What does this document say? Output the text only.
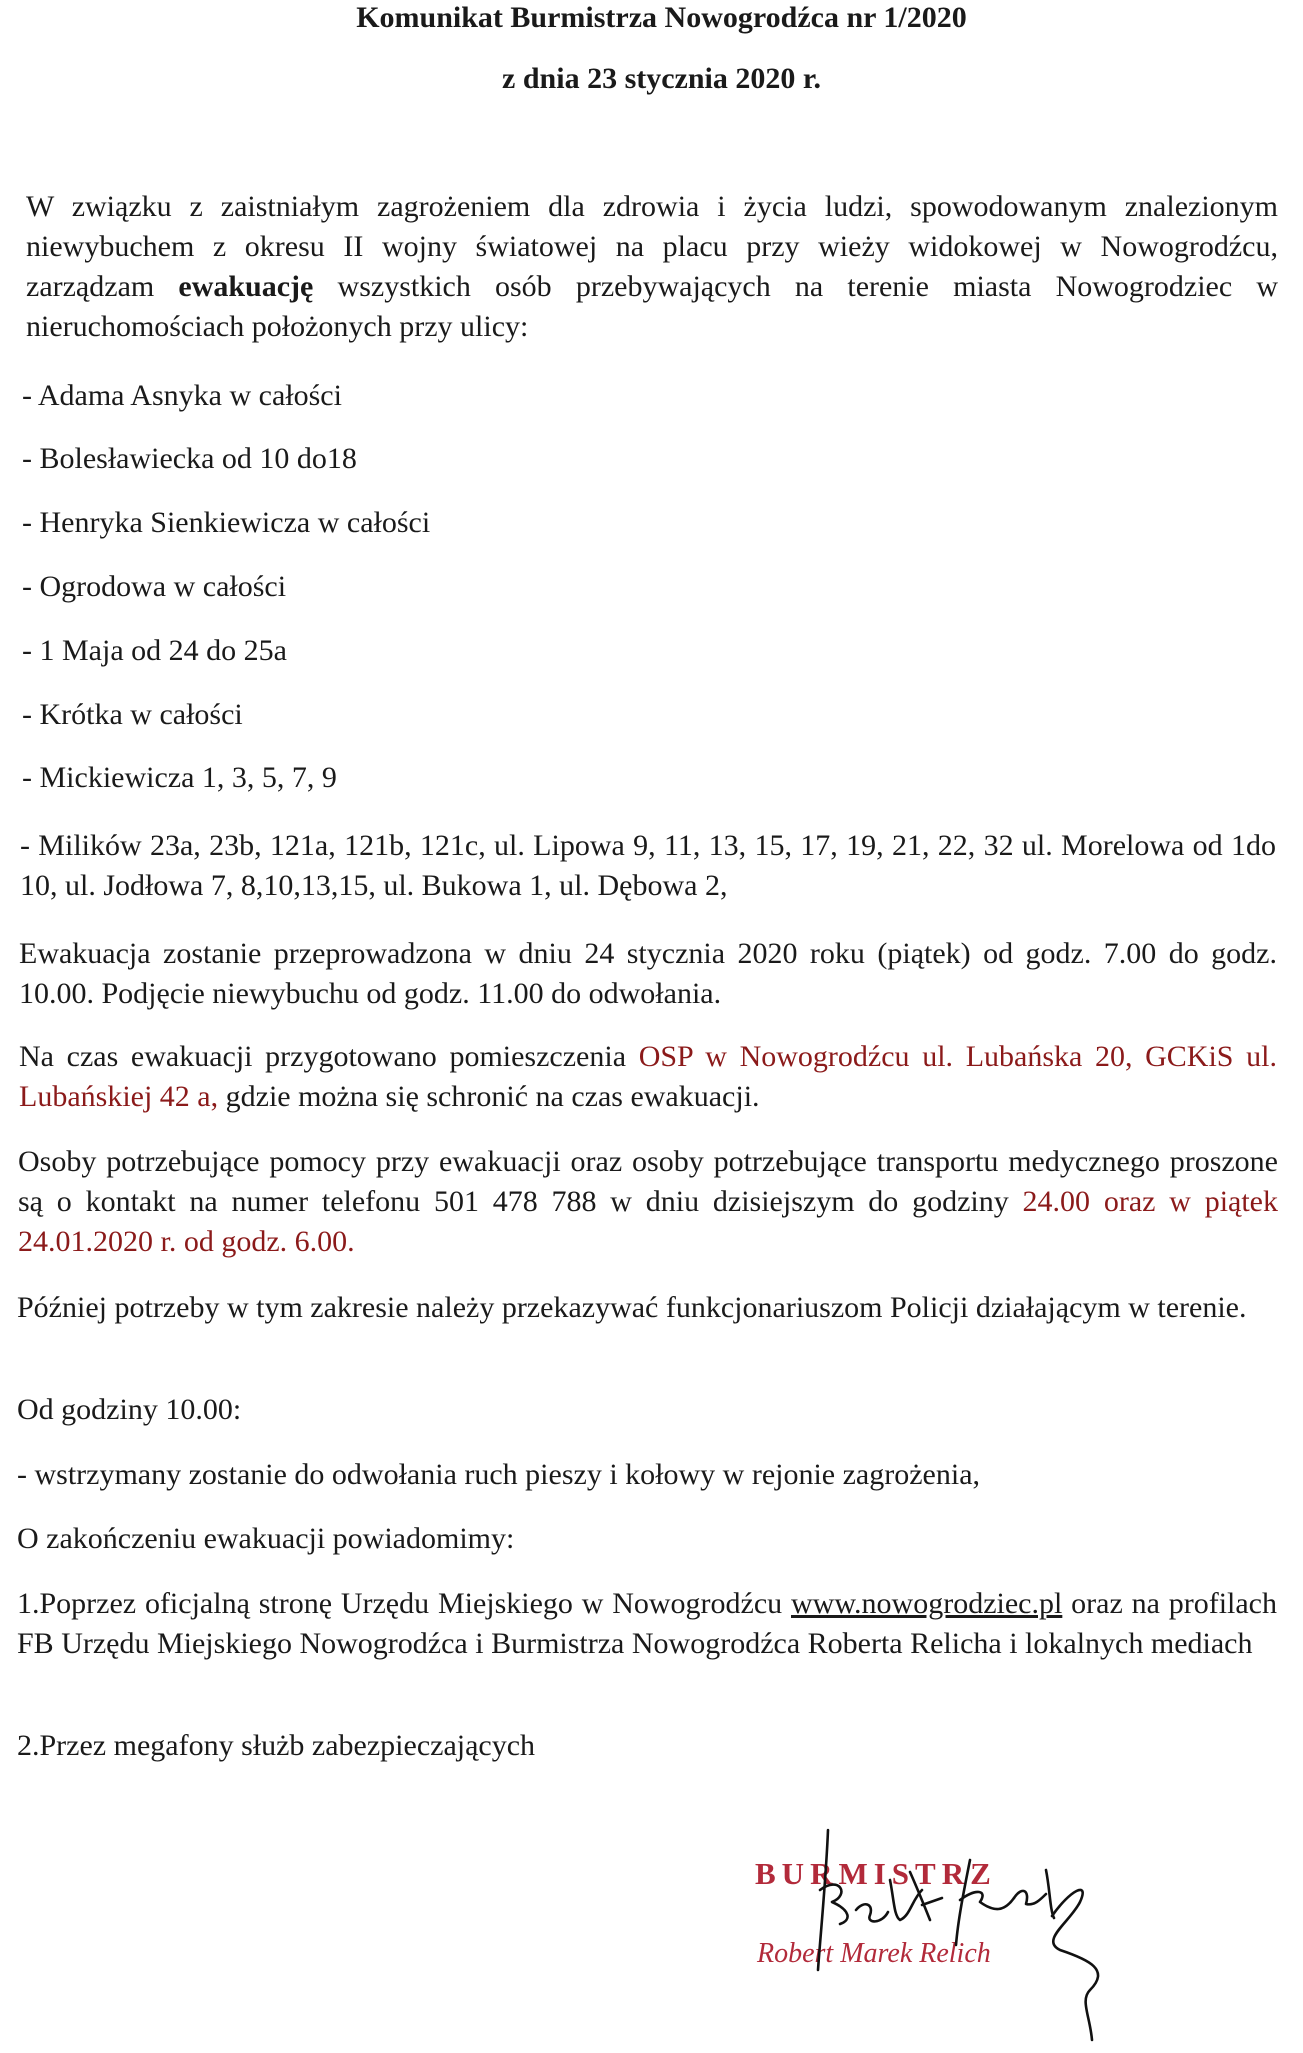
Komunikat Burmistrza Nowogrodźca nr 1/2020
z dnia 23 stycznia 2020 r.
W związku z zaistniałym zagrożeniem dla zdrowia i życia ludzi, spowodowanym znalezionym niewybuchem z okresu II wojny światowej na placu przy wieży widokowej w Nowogrodźcu, zarządzam ewakuację wszystkich osób przebywających na terenie miasta Nowogrodziec w nieruchomościach położonych przy ulicy:
- Adama Asnyka w całości
- Bolesławiecka od 10 do18
- Henryka Sienkiewicza w całości
- Ogrodowa w całości
- 1 Maja od 24 do 25a
- Krótka w całości
- Mickiewicza 1, 3, 5, 7, 9
- Milików 23a, 23b, 121a, 121b, 121c, ul. Lipowa 9, 11, 13, 15, 17, 19, 21, 22, 32 ul. Morelowa od 1do 10, ul. Jodłowa 7, 8,10,13,15, ul. Bukowa 1, ul. Dębowa 2,
Ewakuacja zostanie przeprowadzona w dniu 24 stycznia 2020 roku (piątek) od godz. 7.00 do godz. 10.00. Podjęcie niewybuchu od godz. 11.00 do odwołania.
Na czas ewakuacji przygotowano pomieszczenia OSP w Nowogrodźcu ul. Lubańska 20, GCKiS ul. Lubańskiej 42 a, gdzie można się schronić na czas ewakuacji.
Osoby potrzebujące pomocy przy ewakuacji oraz osoby potrzebujące transportu medycznego proszone są o kontakt na numer telefonu 501 478 788 w dniu dzisiejszym do godziny 24.00 oraz w piątek 24.01.2020 r. od godz. 6.00.
Później potrzeby w tym zakresie należy przekazywać funkcjonariuszom Policji działającym w terenie.
Od godziny 10.00:
- wstrzymany zostanie do odwołania ruch pieszy i kołowy w rejonie zagrożenia,
O zakończeniu ewakuacji powiadomimy:
1.Poprzez oficjalną stronę Urzędu Miejskiego w Nowogrodźcu www.nowogrodziec.pl oraz na profilach FB Urzędu Miejskiego Nowogrodźca i Burmistrza Nowogrodźca Roberta Relicha i lokalnych mediach
2.Przez megafony służb zabezpieczających
BURMISTRZ
Robert Marek Relich
